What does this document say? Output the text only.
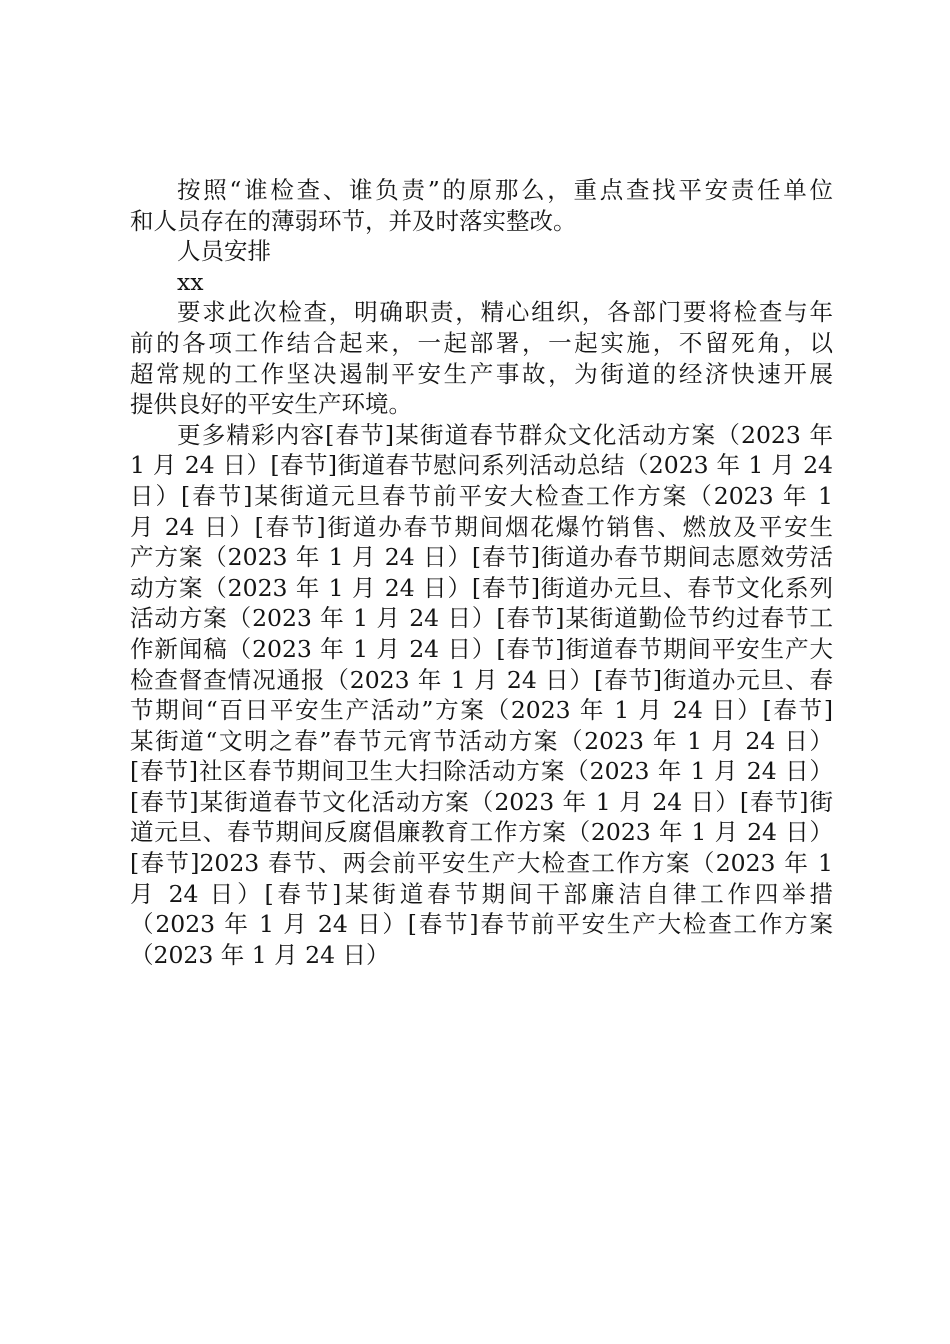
按照“谁检查、谁负责”的原那么，重点查找平安责任单位
和人员存在的薄弱环节，并及时落实整改。
人员安排
xx
要求此次检查，明确职责，精心组织，各部门要将检查与年
前的各项工作结合起来，一起部署，一起实施，不留死角，以
超常规的工作坚决遏制平安生产事故，为街道的经济快速开展
提供良好的平安生产环境。
更多精彩内容[春节]某街道春节群众文化活动方案（2023 年
1 月 24 日）[春节]街道春节慰问系列活动总结（2023 年 1 月 24
日）[春节]某街道元旦春节前平安大检查工作方案（2023 年 1
月 24 日）[春节]街道办春节期间烟花爆竹销售、燃放及平安生
产方案（2023 年 1 月 24 日）[春节]街道办春节期间志愿效劳活
动方案（2023 年 1 月 24 日）[春节]街道办元旦、春节文化系列
活动方案（2023 年 1 月 24 日）[春节]某街道勤俭节约过春节工
作新闻稿（2023 年 1 月 24 日）[春节]街道春节期间平安生产大
检查督查情况通报（2023 年 1 月 24 日）[春节]街道办元旦、春
节期间“百日平安生产活动”方案（2023 年 1 月 24 日）[春节]
某街道“文明之春”春节元宵节活动方案（2023 年 1 月 24 日）
[春节]社区春节期间卫生大扫除活动方案（2023 年 1 月 24 日）
[春节]某街道春节文化活动方案（2023 年 1 月 24 日）[春节]街
道元旦、春节期间反腐倡廉教育工作方案（2023 年 1 月 24 日）
[春节]2023 春节、两会前平安生产大检查工作方案（2023 年 1
月 24 日）[春节]某街道春节期间干部廉洁自律工作四举措
（2023 年 1 月 24 日）[春节]春节前平安生产大检查工作方案
（2023 年 1 月 24 日）
